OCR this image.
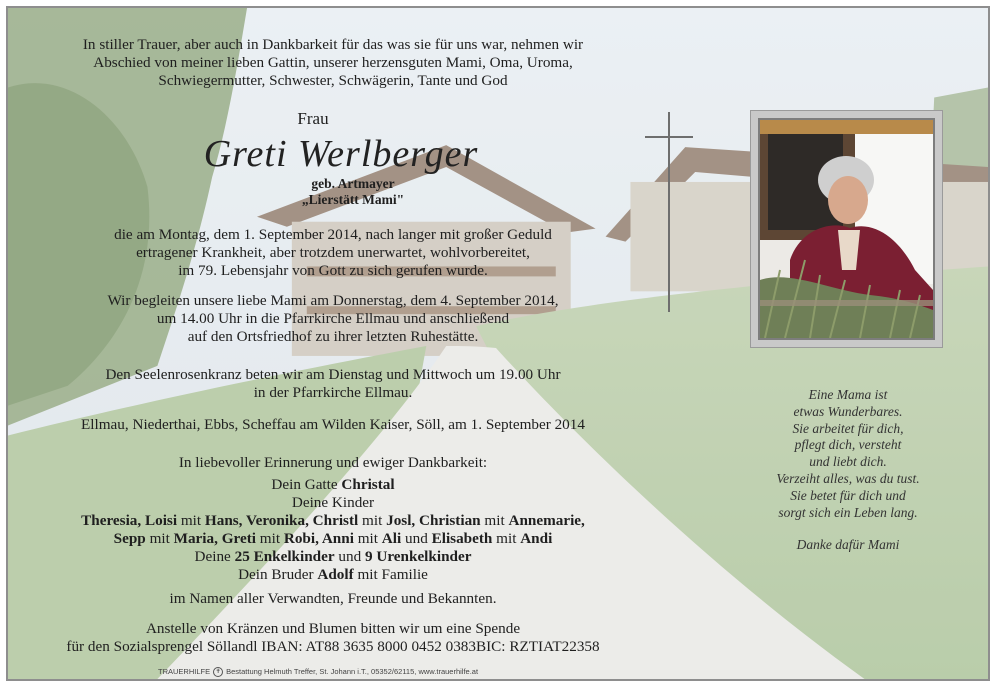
In stiller Trauer, aber auch in Dankbarkeit für das was sie für uns war, nehmen wir

Abschied von meiner lieben Gattin, unserer herzensguten Mami, Oma, Uroma,

Schwiegermutter, Schwester, Schwägerin, Tante und God

Frau
Greti Werlberger
geb. Artmayer
„Lierstätt Mami"

die am Montag, dem 1. September 2014, nach langer mit großer Geduld

ertragener Krankheit, aber trotzdem unerwartet, wohlvorbereitet,

im 79. Lebensjahr von Gott zu sich gerufen wurde.

Wir begleiten unsere liebe Mami am Donnerstag, dem 4. September 2014,

um 14.00 Uhr in die Pfarrkirche Ellmau und anschließend

auf den Ortsfriedhof zu ihrer letzten Ruhestätte.

Den Seelenrosenkranz beten wir am Dienstag und Mittwoch um 19.00 Uhr

in der Pfarrkirche Ellmau.

Ellmau, Niederthai, Ebbs, Scheffau am Wilden Kaiser, Söll, am 1. September 2014
In liebevoller Erinnerung und ewiger Dankbarkeit:

Dein Gatte Christal

Deine Kinder

Theresia, Loisi mit Hans, Veronika, Christl mit Josl, Christian mit Annemarie,

Sepp mit Maria, Greti mit Robi, Anni mit Ali und Elisabeth mit Andi

Deine 25 Enkelkinder und 9 Urenkelkinder

Dein Bruder Adolf mit Familie

im Namen aller Verwandten, Freunde und Bekannten.

Anstelle von Kränzen und Blumen bitten wir um eine Spende

für den Sozialsprengel Söllandl IBAN: AT88 3635 8000 0452 0383BIC: RZTIAT22358

Eine Mama ist

etwas Wunderbares.

Sie arbeitet für dich,

pflegt dich, versteht

und liebt dich.

Verzeiht alles, was du tust.

Sie betet für dich und

sorgt sich ein Leben lang.

Danke dafür Mami

TRAUERHILFE ✝ Bestattung Helmuth Treffer, St. Johann i.T., 05352/62115, www.trauerhilfe.at
